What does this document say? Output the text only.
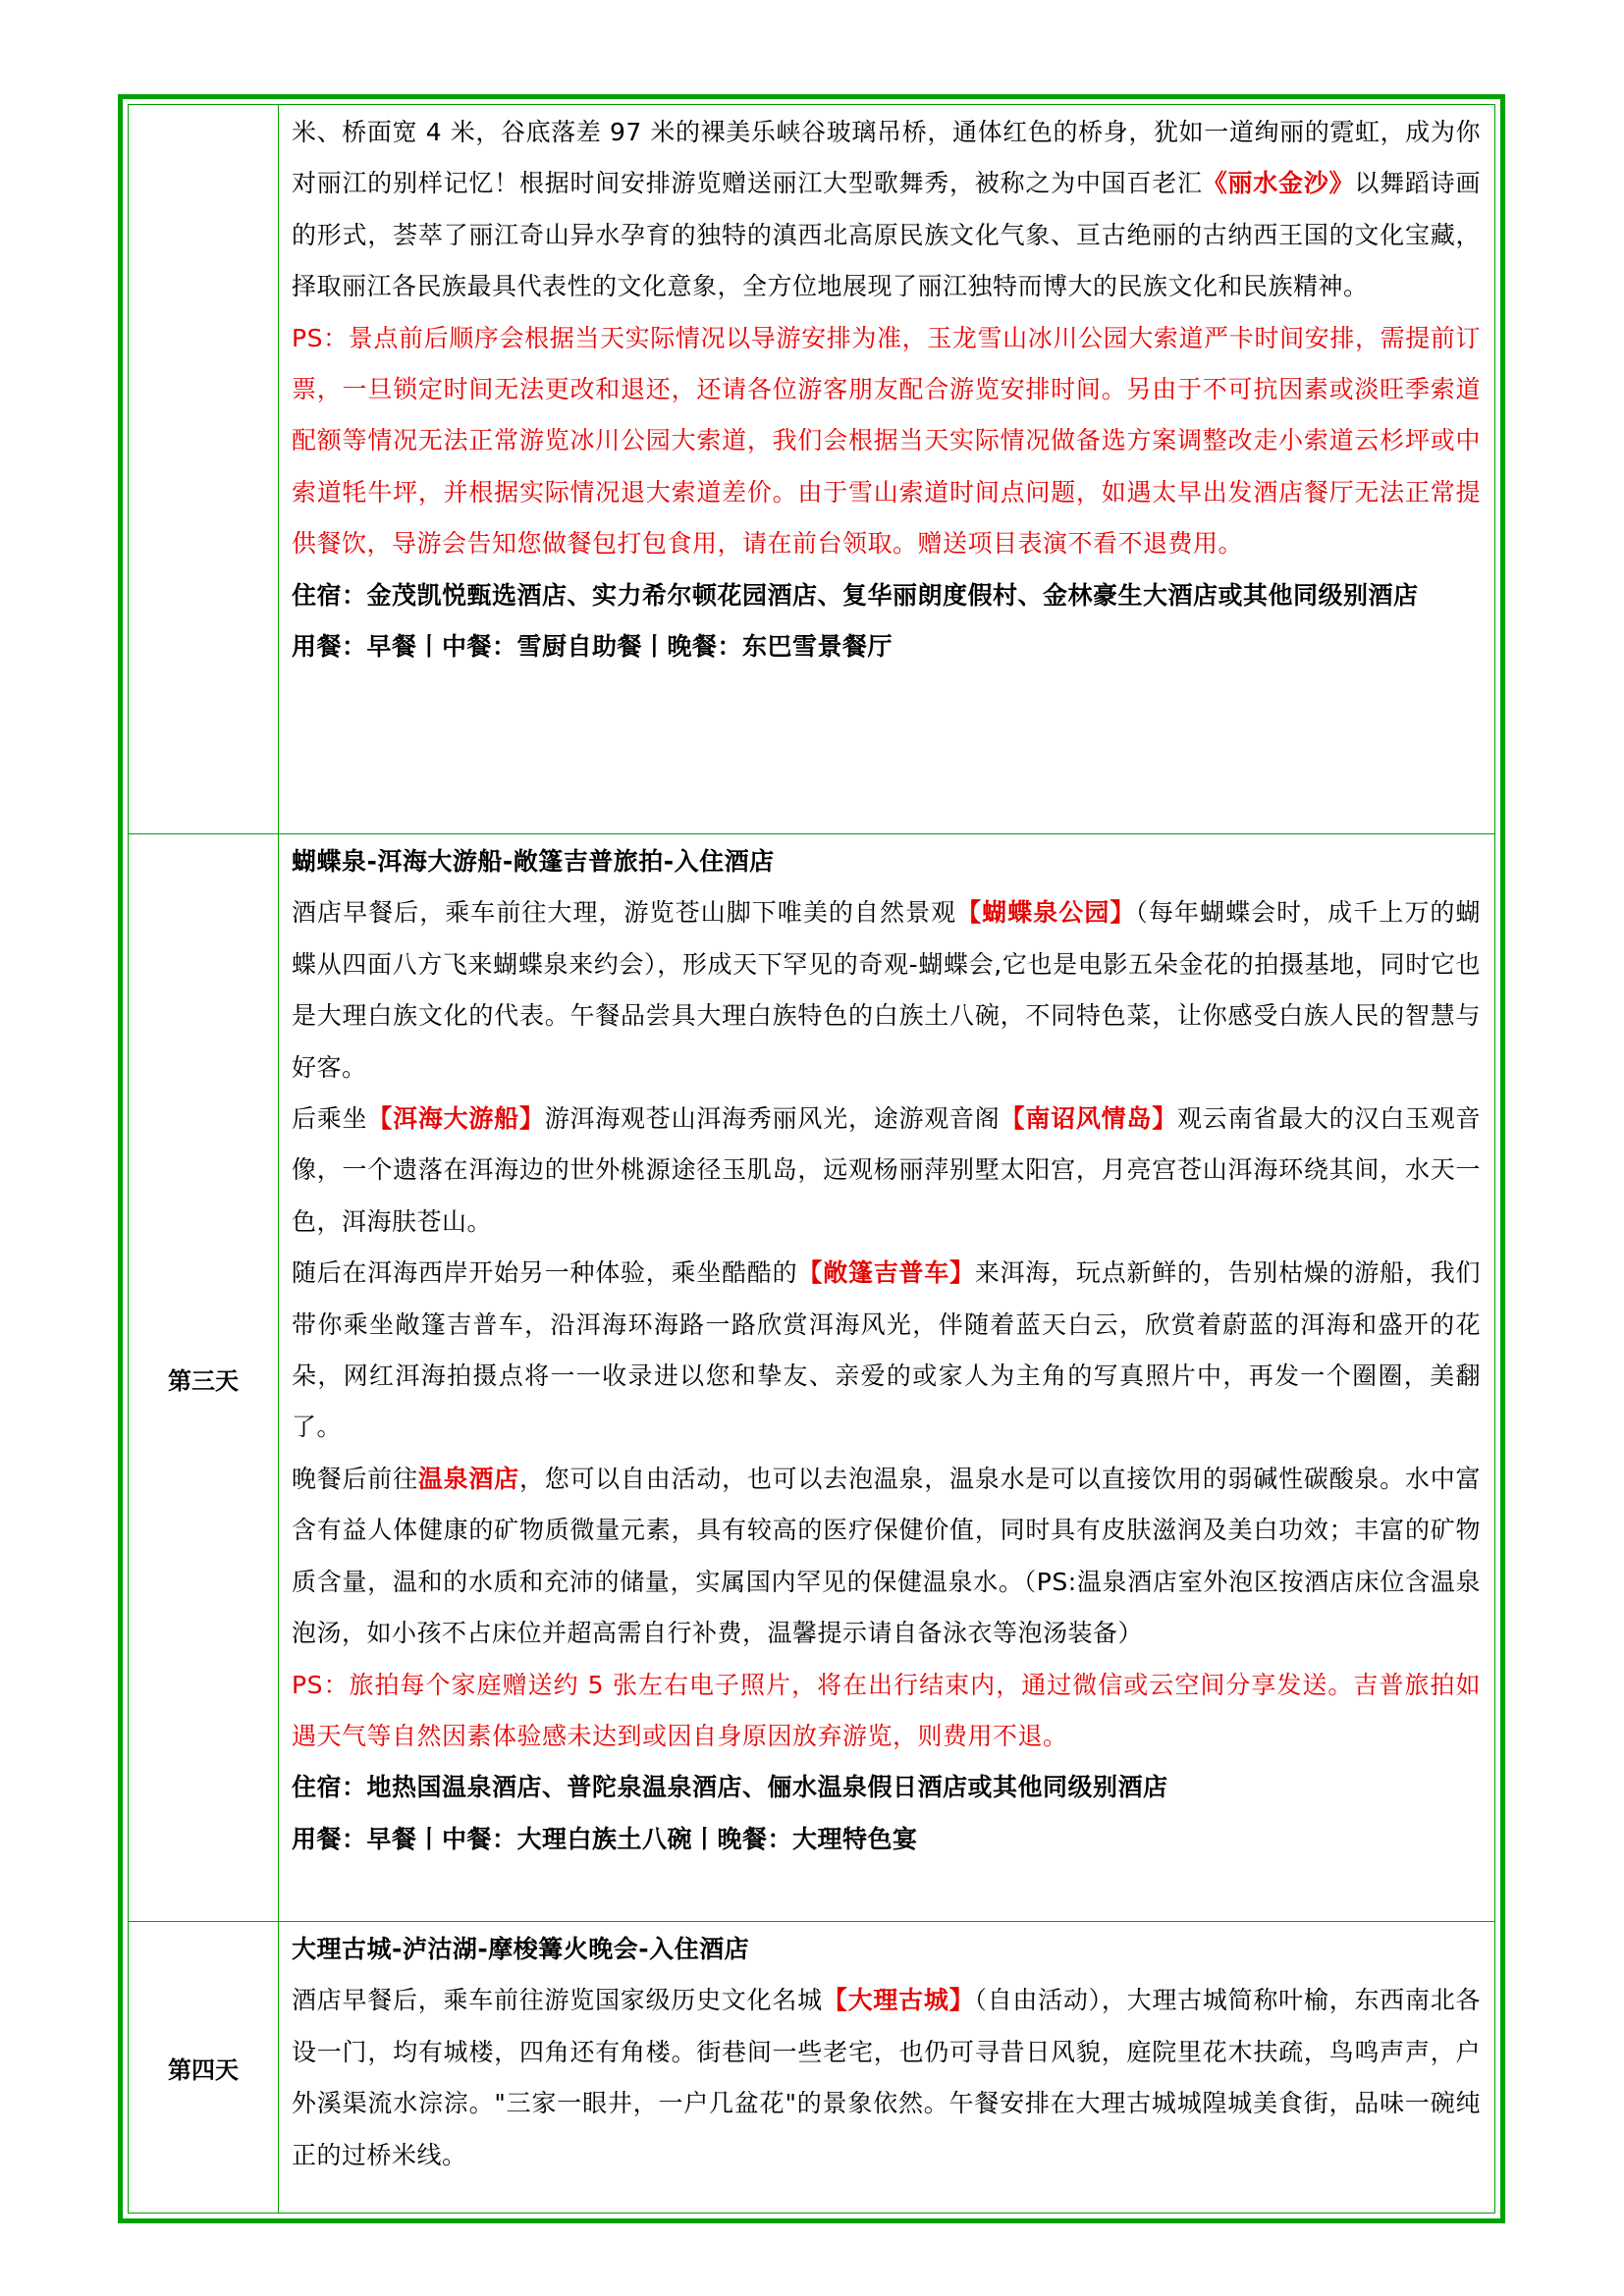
米、桥面宽 4 米，谷底落差 97 米的裸美乐峡谷玻璃吊桥，通体红色的桥身，犹如一道绚丽的霓虹，成为你对丽江的别样记忆！根据时间安排游览赠送丽江大型歌舞秀，被称之为中国百老汇《丽水金沙》以舞蹈诗画的形式，荟萃了丽江奇山异水孕育的独特的滇西北高原民族文化气象、亘古绝丽的古纳西王国的文化宝藏，择取丽江各民族最具代表性的文化意象，全方位地展现了丽江独特而博大的民族文化和民族精神。

PS：景点前后顺序会根据当天实际情况以导游安排为准，玉龙雪山冰川公园大索道严卡时间安排，需提前订票，一旦锁定时间无法更改和退还，还请各位游客朋友配合游览安排时间。另由于不可抗因素或淡旺季索道配额等情况无法正常游览冰川公园大索道，我们会根据当天实际情况做备选方案调整改走小索道云杉坪或中索道牦牛坪，并根据实际情况退大索道差价。由于雪山索道时间点问题，如遇太早出发酒店餐厅无法正常提供餐饮，导游会告知您做餐包打包食用，请在前台领取。赠送项目表演不看不退费用。

住宿：金茂凯悦甄选酒店、实力希尔顿花园酒店、复华丽朗度假村、金林豪生大酒店或其他同级别酒店

用餐：早餐丨中餐：雪厨自助餐丨晚餐：东巴雪景餐厅

第三天

蝴蝶泉-洱海大游船-敞篷吉普旅拍-入住酒店

酒店早餐后，乘车前往大理，游览苍山脚下唯美的自然景观【蝴蝶泉公园】（每年蝴蝶会时，成千上万的蝴蝶从四面八方飞来蝴蝶泉来约会），形成天下罕见的奇观-蝴蝶会,它也是电影五朵金花的拍摄基地，同时它也是大理白族文化的代表。午餐品尝具大理白族特色的白族土八碗，不同特色菜，让你感受白族人民的智慧与好客。

后乘坐【洱海大游船】游洱海观苍山洱海秀丽风光，途游观音阁【南诏风情岛】观云南省最大的汉白玉观音像，一个遗落在洱海边的世外桃源途径玉肌岛，远观杨丽萍别墅太阳宫，月亮宫苍山洱海环绕其间，水天一色，洱海肤苍山。

随后在洱海西岸开始另一种体验，乘坐酷酷的【敞篷吉普车】来洱海，玩点新鲜的，告别枯燥的游船，我们带你乘坐敞篷吉普车，沿洱海环海路一路欣赏洱海风光，伴随着蓝天白云，欣赏着蔚蓝的洱海和盛开的花朵，网红洱海拍摄点将一一收录进以您和挚友、亲爱的或家人为主角的写真照片中，再发一个圈圈，美翻了。

晚餐后前往温泉酒店，您可以自由活动，也可以去泡温泉，温泉水是可以直接饮用的弱碱性碳酸泉。水中富含有益人体健康的矿物质微量元素，具有较高的医疗保健价值，同时具有皮肤滋润及美白功效；丰富的矿物质含量，温和的水质和充沛的储量，实属国内罕见的保健温泉水。（PS:温泉酒店室外泡区按酒店床位含温泉泡汤，如小孩不占床位并超高需自行补费，温馨提示请自备泳衣等泡汤装备）

PS：旅拍每个家庭赠送约 5 张左右电子照片，将在出行结束内，通过微信或云空间分享发送。吉普旅拍如遇天气等自然因素体验感未达到或因自身原因放弃游览，则费用不退。

住宿：地热国温泉酒店、普陀泉温泉酒店、俪水温泉假日酒店或其他同级别酒店

用餐：早餐丨中餐：大理白族土八碗丨晚餐：大理特色宴

第四天

大理古城-泸沽湖-摩梭篝火晚会-入住酒店

酒店早餐后，乘车前往游览国家级历史文化名城【大理古城】（自由活动），大理古城简称叶榆，东西南北各设一门，均有城楼，四角还有角楼。街巷间一些老宅，也仍可寻昔日风貌，庭院里花木扶疏，鸟鸣声声，户外溪渠流水淙淙。"三家一眼井，一户几盆花"的景象依然。午餐安排在大理古城城隍城美食街，品味一碗纯正的过桥米线。
